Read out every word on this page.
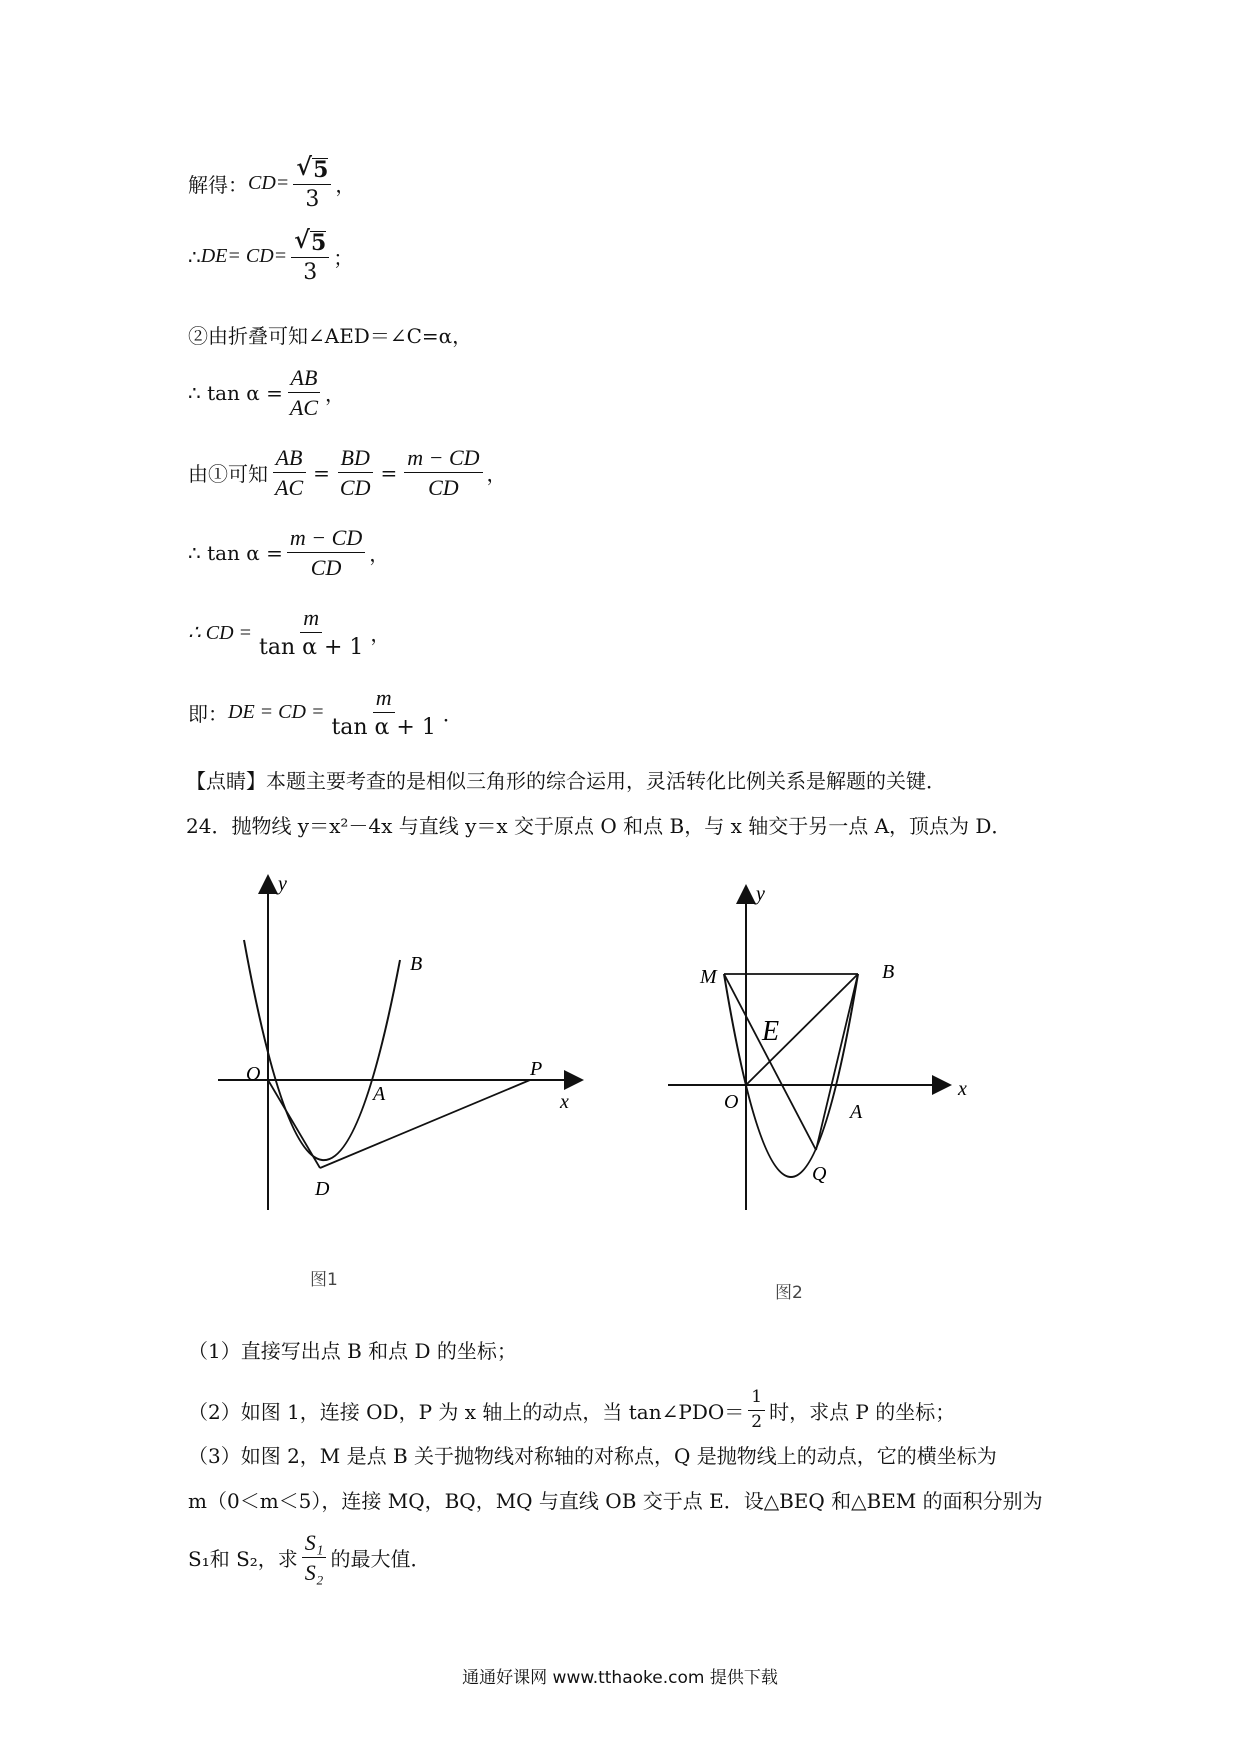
解得： $CD= \frac{√ 5}{3}$ ，
∴ $DE= CD= \frac{√ 5}{3}$ ；
②由折叠可知∠AED＝∠C=α，
∴ $\tan \alpha = \frac{AB}{AC}$ ，
由①可知 $\frac{AB}{AC} = \frac{BD}{CD} = \frac{m - CD}{CD}$ ，
∴ $\tan \alpha = \frac{m - CD}{CD}$ ，
∴ CD = $\frac{m}{\text{tan α + 1}}$ ，
即： DE = CD = $\frac{m}{\text{tan α + 1}}$ ．
【点睛】本题主要考查的是相似三角形的综合运用，灵活转化比例关系是解题的关键．
24．抛物线 y＝x²－4x 与直线 y＝x 交于原点 O 和点 B，与 x 轴交于另一点 A，顶点为 D．
y
x
O
A
B
D
P
图1
y
x
O	A
B
M
Q
E
图2
（1）直接写出点 B 和点 D 的坐标；
（2）如图 1，连接 OD，P 为 x 轴上的动点，当 tan∠PDO＝ $\frac{1}{2}$ 时，求点 P 的坐标；
（3）如图 2，M 是点 B 关于抛物线对称轴的对称点，Q 是抛物线上的动点，它的横坐标为
m（0＜m＜5），连接 MQ，BQ，MQ 与直线 OB 交于点 E．设△BEQ 和△BEM 的面积分别为
S₁和 S₂，求 $\frac{\text{S₁}}{\text{S₂}}$ 的最大值．
通通好课网 www.tthaoke.com 提供下载
